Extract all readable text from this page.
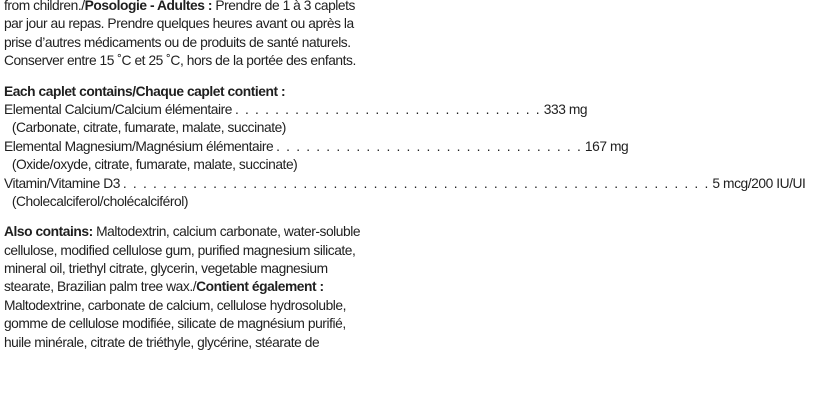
from children./Posologie - Adultes : Prendre de 1 à 3 caplets
par jour au repas. Prendre quelques heures avant ou après la
prise d’autres médicaments ou de produits de santé naturels.
Conserver entre 15 ˚C et 25 ˚C, hors de la portée des enfants.
Each caplet contains/Chaque caplet contient :
Elemental Calcium/Calcium élémentaire . . . . . . . . . . . . . . . . . . . . . . . . . . . . . . . 333 mg
(Carbonate, citrate, fumarate, malate, succinate)
Elemental Magnesium/Magnésium élémentaire . . . . . . . . . . . . . . . . . . . . . . . . . . . . . . . 167 mg
(Oxide/oxyde, citrate, fumarate, malate, succinate)
Vitamin/Vitamine D3 . . . . . . . . . . . . . . . . . . . . . . . . . . . . . . . . . . . . . . . . . . . . . . . . . . . . . . . . . . . 5 mcg/200 IU/UI
(Cholecalciferol/cholécalciférol)
Also contains: Maltodextrin, calcium carbonate, water-soluble
cellulose, modified cellulose gum, purified magnesium silicate,
mineral oil, triethyl citrate, glycerin, vegetable magnesium
stearate, Brazilian palm tree wax./Contient également :
Maltodextrine, carbonate de calcium, cellulose hydrosoluble,
gomme de cellulose modifiée, silicate de magnésium purifié,
huile minérale, citrate de triéthyle, glycérine, stéarate de
